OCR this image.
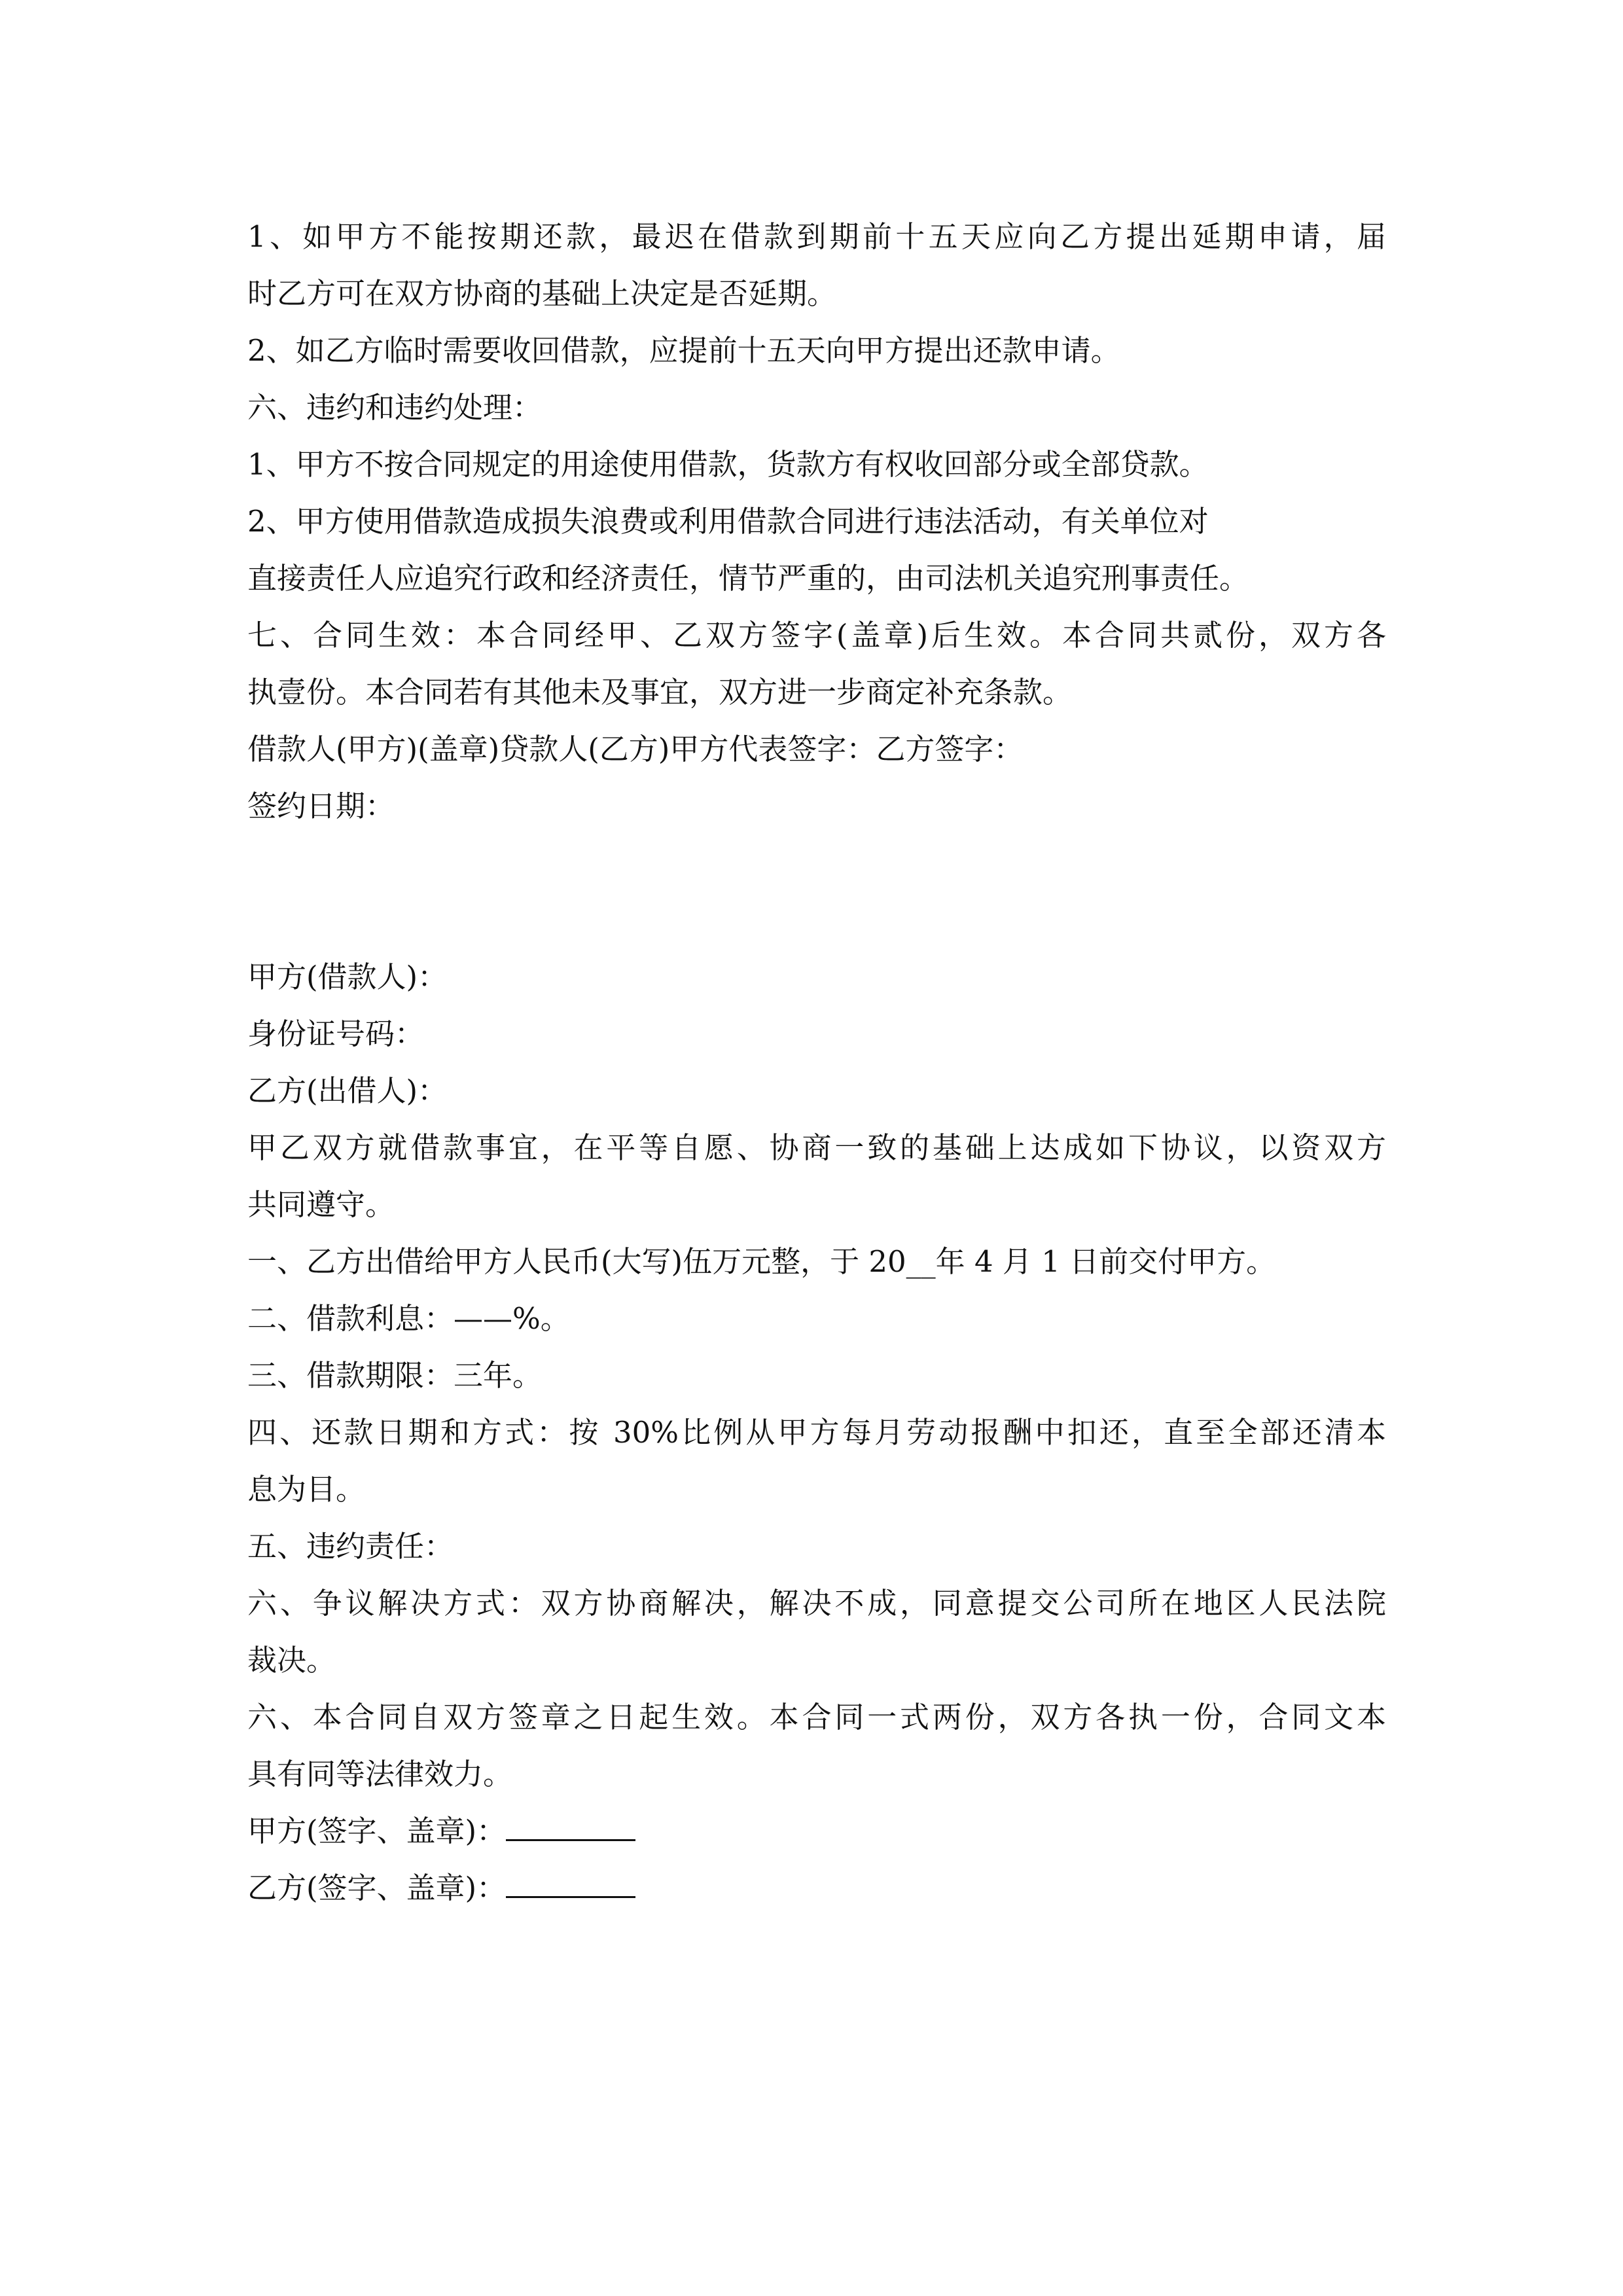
1、如甲方不能按期还款，最迟在借款到期前十五天应向乙方提出延期申请，届
时乙方可在双方协商的基础上决定是否延期。
2、如乙方临时需要收回借款，应提前十五天向甲方提出还款申请。
六、违约和违约处理：
1、甲方不按合同规定的用途使用借款，货款方有权收回部分或全部贷款。
2、甲方使用借款造成损失浪费或利用借款合同进行违法活动，有关单位对
直接责任人应追究行政和经济责任，情节严重的，由司法机关追究刑事责任。
七、合同生效：本合同经甲、乙双方签字(盖章)后生效。本合同共贰份，双方各
执壹份。本合同若有其他未及事宜，双方进一步商定补充条款。
借款人(甲方)(盖章)贷款人(乙方)甲方代表签字：乙方签字：
签约日期：
甲方(借款人)：
身份证号码：
乙方(出借人)：
甲乙双方就借款事宜，在平等自愿、协商一致的基础上达成如下协议，以资双方
共同遵守。
一、乙方出借给甲方人民币(大写)伍万元整，于 20__年 4 月 1 日前交付甲方。
二、借款利息：——%。
三、借款期限：三年。
四、还款日期和方式：按 30%比例从甲方每月劳动报酬中扣还，直至全部还清本
息为目。
五、违约责任：
六、争议解决方式：双方协商解决，解决不成，同意提交公司所在地区人民法院
裁决。
六、本合同自双方签章之日起生效。本合同一式两份，双方各执一份，合同文本
具有同等法律效力。
甲方(签字、盖章)：
乙方(签字、盖章)：
